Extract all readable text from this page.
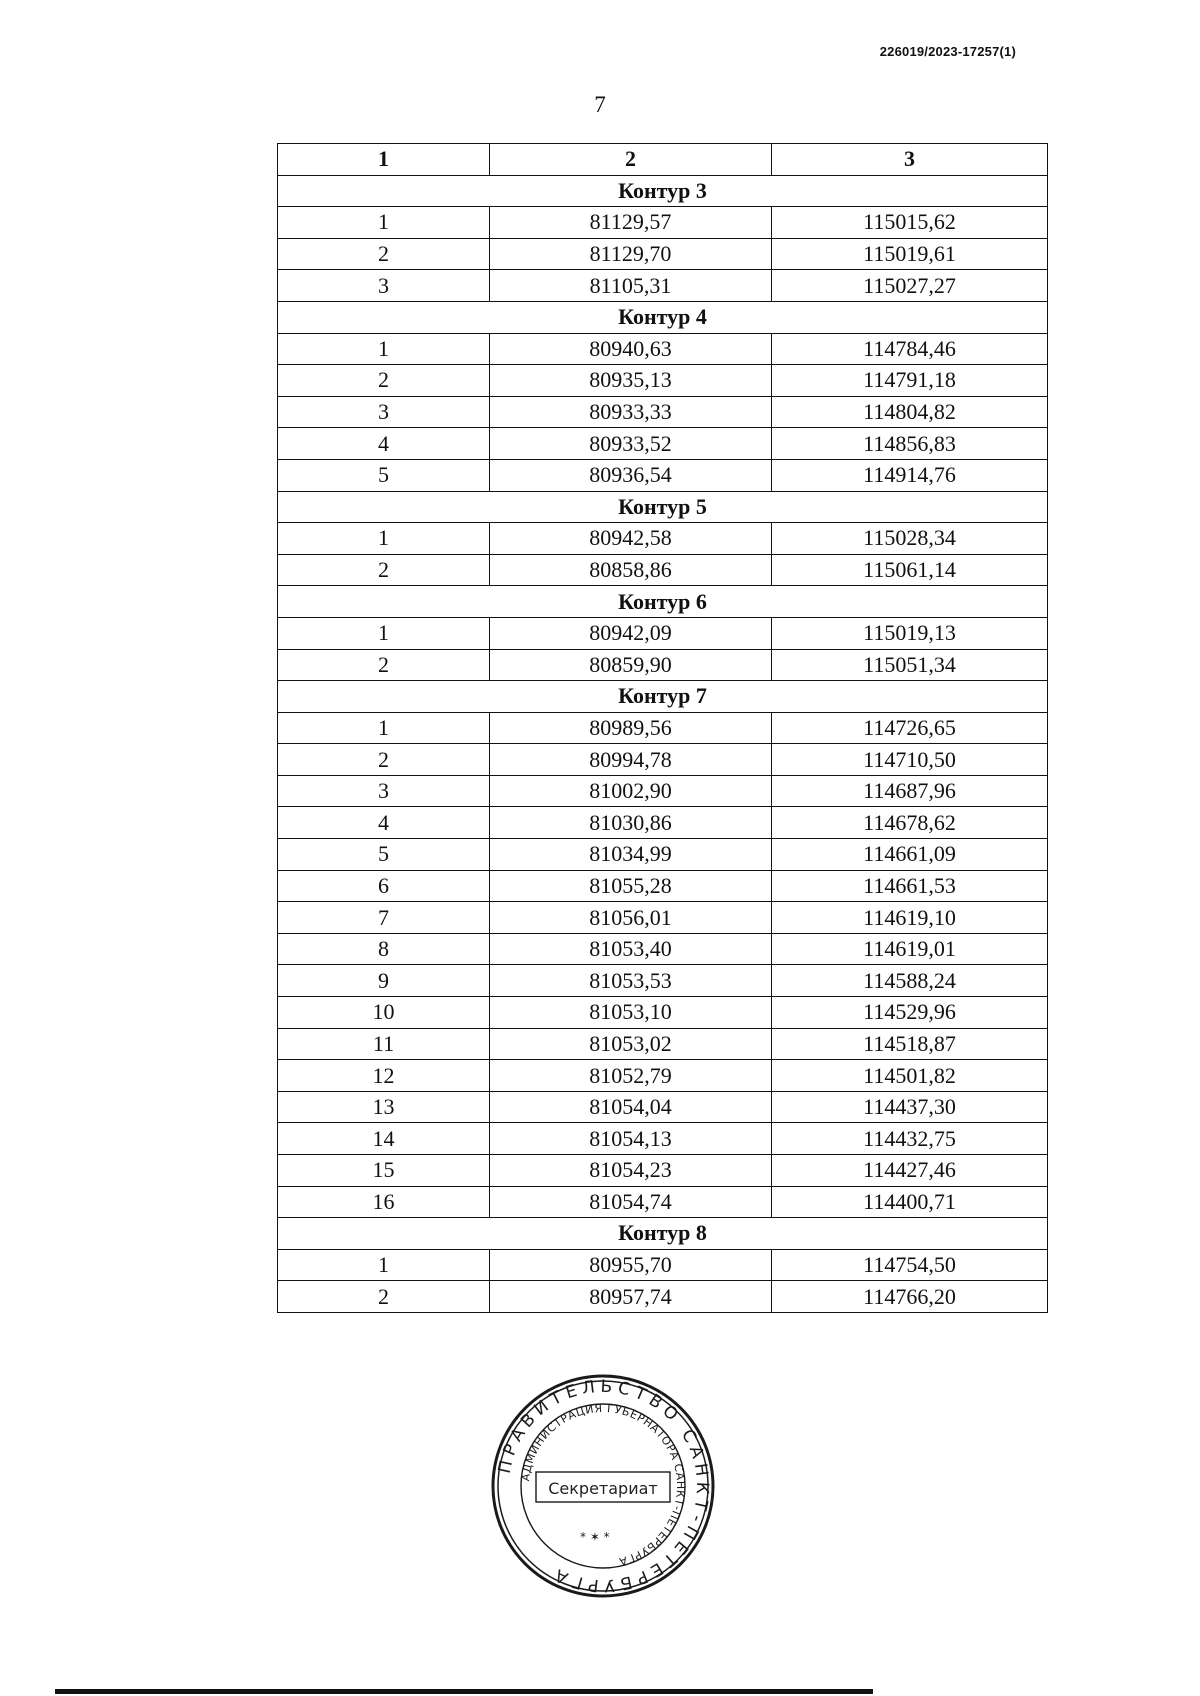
226019/2023-17257(1)
7
1	2	3
Контур 3		
1	81129,57	115015,62
2	81129,70	115019,61
3	81105,31	115027,27
Контур 4		
1	80940,63	114784,46
2	80935,13	114791,18
3	80933,33	114804,82
4	80933,52	114856,83
5	80936,54	114914,76
Контур 5		
1	80942,58	115028,34
2	80858,86	115061,14
Контур 6		
1	80942,09	115019,13
2	80859,90	115051,34
Контур 7		
1	80989,56	114726,65
2	80994,78	114710,50
3	81002,90	114687,96
4	81030,86	114678,62
5	81034,99	114661,09
6	81055,28	114661,53
7	81056,01	114619,10
8	81053,40	114619,01
9	81053,53	114588,24
10	81053,10	114529,96
11	81053,02	114518,87
12	81052,79	114501,82
13	81054,04	114437,30
14	81054,13	114432,75
15	81054,23	114427,46
16	81054,74	114400,71
Контур 8		
1	80955,70	114754,50
2	80957,74	114766,20
ПРАВИТЕЛЬСТВО САНКТ-ПЕТЕРБУРГА
АДМИНИСТРАЦИЯ ГУБЕРНАТОРА САНКТ-ПЕТЕРБУРГА
* ✶ *
Секретариат
